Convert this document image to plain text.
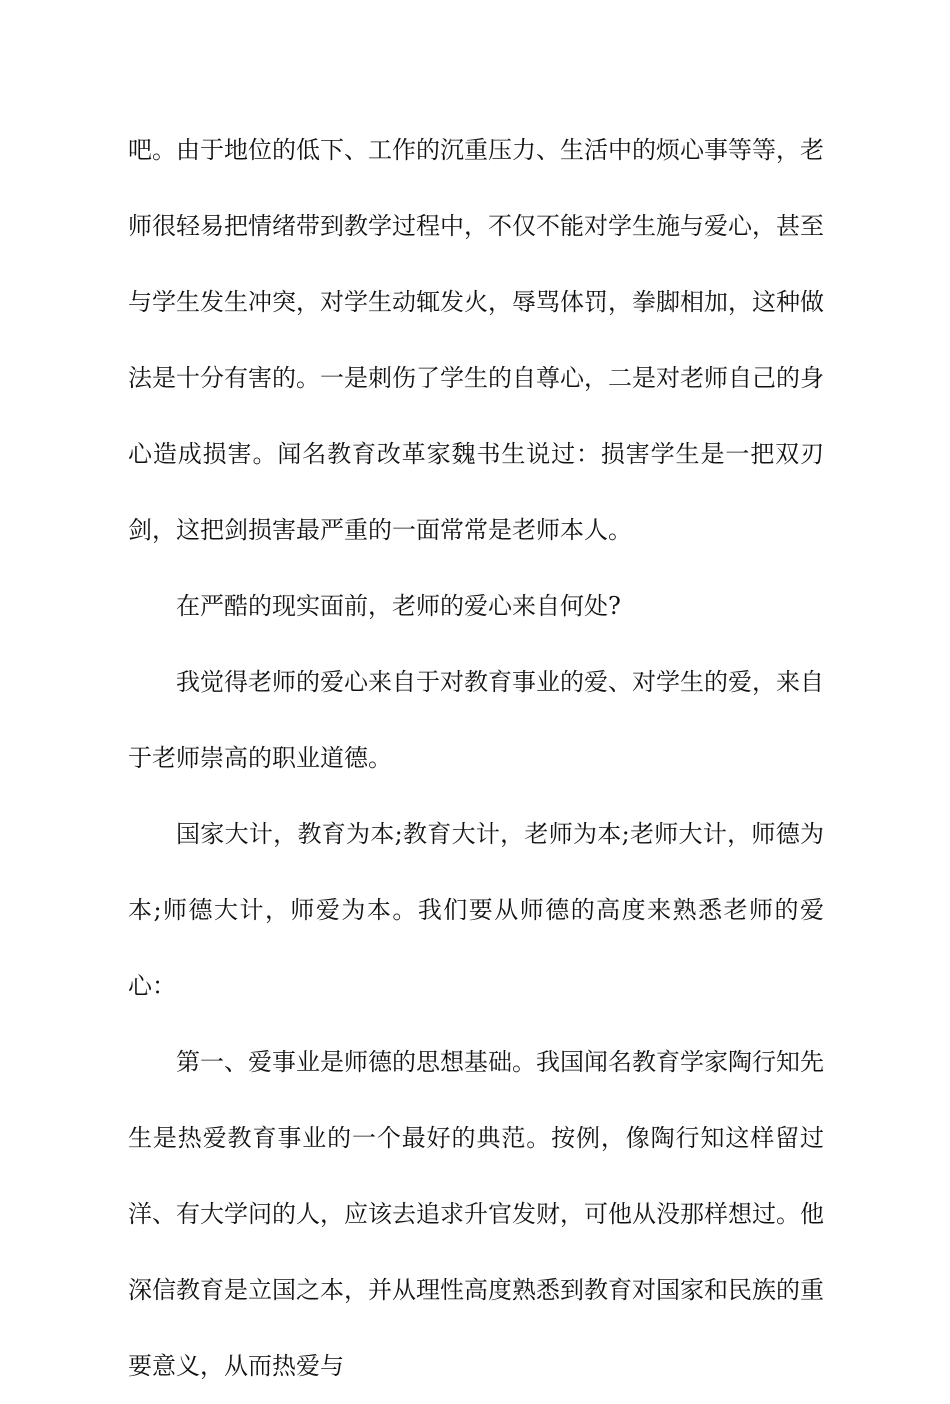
吧。由于地位的低下、工作的沉重压力、生活中的烦心事等等，老师很轻易把情绪带到教学过程中，不仅不能对学生施与爱心，甚至与学生发生冲突，对学生动辄发火，辱骂体罚，拳脚相加，这种做法是十分有害的。一是刺伤了学生的自尊心，二是对老师自己的身心造成损害。闻名教育改革家魏书生说过：损害学生是一把双刃剑，这把剑损害最严重的一面常常是老师本人。

在严酷的现实面前，老师的爱心来自何处?

我觉得老师的爱心来自于对教育事业的爱、对学生的爱，来自于老师崇高的职业道德。

国家大计，教育为本;教育大计，老师为本;老师大计，师德为本;师德大计，师爱为本。我们要从师德的高度来熟悉老师的爱心：

第一、爱事业是师德的思想基础。我国闻名教育学家陶行知先生是热爱教育事业的一个最好的典范。按例，像陶行知这样留过洋、有大学问的人，应该去追求升官发财，可他从没那样想过。他深信教育是立国之本，并从理性高度熟悉到教育对国家和民族的重要意义，从而热爱与
